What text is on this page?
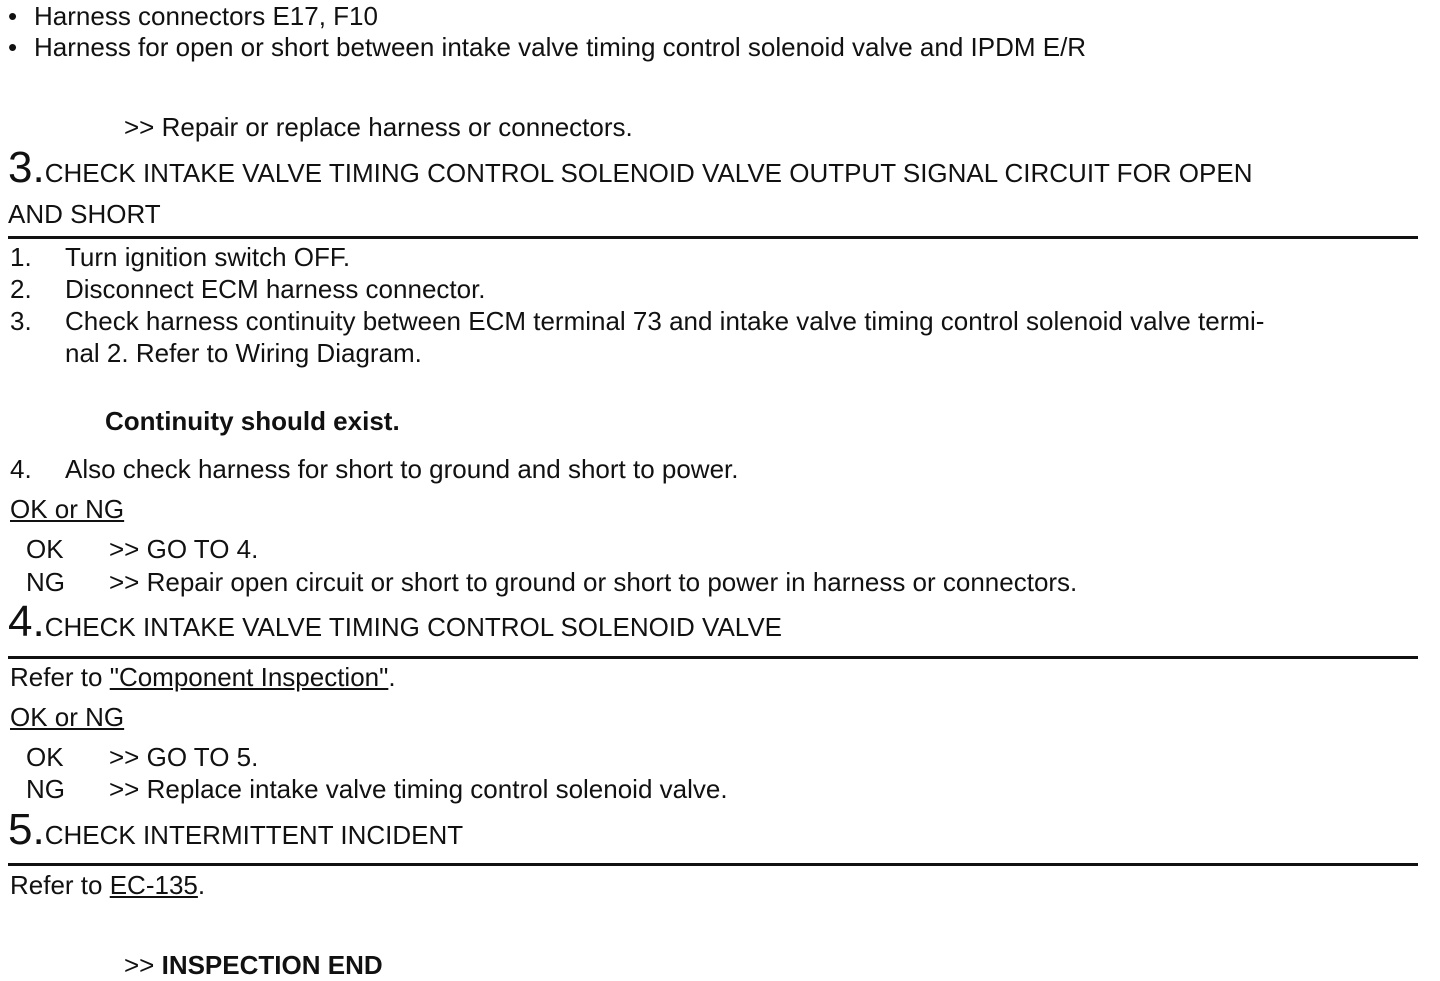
• Harness connectors E17, F10
• Harness for open or short between intake valve timing control solenoid valve and IPDM E/R
>> Repair or replace harness or connectors.
3.CHECK INTAKE VALVE TIMING CONTROL SOLENOID VALVE OUTPUT SIGNAL CIRCUIT FOR OPEN
AND SHORT
1. Turn ignition switch OFF.
2. Disconnect ECM harness connector.
3. Check harness continuity between ECM terminal 73 and intake valve timing control solenoid valve termi-
nal 2. Refer to Wiring Diagram.
Continuity should exist.
4. Also check harness for short to ground and short to power.
OK or NG
OK >> GO TO 4.
NG >> Repair open circuit or short to ground or short to power in harness or connectors.
4.CHECK INTAKE VALVE TIMING CONTROL SOLENOID VALVE
Refer to "Component Inspection".
OK or NG
OK >> GO TO 5.
NG >> Replace intake valve timing control solenoid valve.
5.CHECK INTERMITTENT INCIDENT
Refer to EC-135.
>> INSPECTION END
